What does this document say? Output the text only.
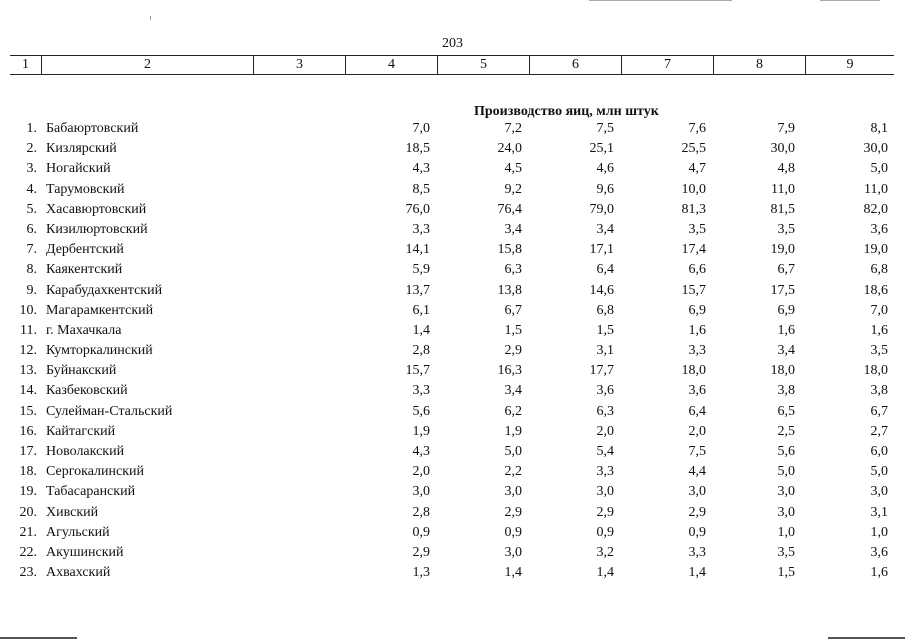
203
1	2	3	4	5	6	7	8	9
Производство яиц, млн штук
1. Бабаюртовский	7,0	7,2	7,5	7,6	7,9	8,1
2. Кизлярский	18,5	24,0	25,1	25,5	30,0	30,0
3. Ногайский	4,3	4,5	4,6	4,7	4,8	5,0
4. Тарумовский	8,5	9,2	9,6	10,0	11,0	11,0
5. Хасавюртовский	76,0	76,4	79,0	81,3	81,5	82,0
6. Кизилюртовский	3,3	3,4	3,4	3,5	3,5	3,6
7. Дербентский	14,1	15,8	17,1	17,4	19,0	19,0
8. Каякентский	5,9	6,3	6,4	6,6	6,7	6,8
9. Карабудахкентский	13,7	13,8	14,6	15,7	17,5	18,6
10. Магарамкентский	6,1	6,7	6,8	6,9	6,9	7,0
11. г. Махачкала	1,4	1,5	1,5	1,6	1,6	1,6
12. Кумторкалинский	2,8	2,9	3,1	3,3	3,4	3,5
13. Буйнакский	15,7	16,3	17,7	18,0	18,0	18,0
14. Казбековский	3,3	3,4	3,6	3,6	3,8	3,8
15. Сулейман-Стальский	5,6	6,2	6,3	6,4	6,5	6,7
16. Кайтагский	1,9	1,9	2,0	2,0	2,5	2,7
17. Новолакский	4,3	5,0	5,4	7,5	5,6	6,0
18. Сергокалинский	2,0	2,2	3,3	4,4	5,0	5,0
19. Табасаранский	3,0	3,0	3,0	3,0	3,0	3,0
20. Хивский	2,8	2,9	2,9	2,9	3,0	3,1
21. Агульский	0,9	0,9	0,9	0,9	1,0	1,0
22. Акушинский	2,9	3,0	3,2	3,3	3,5	3,6
23. Ахвахский	1,3	1,4	1,4	1,4	1,5	1,6
